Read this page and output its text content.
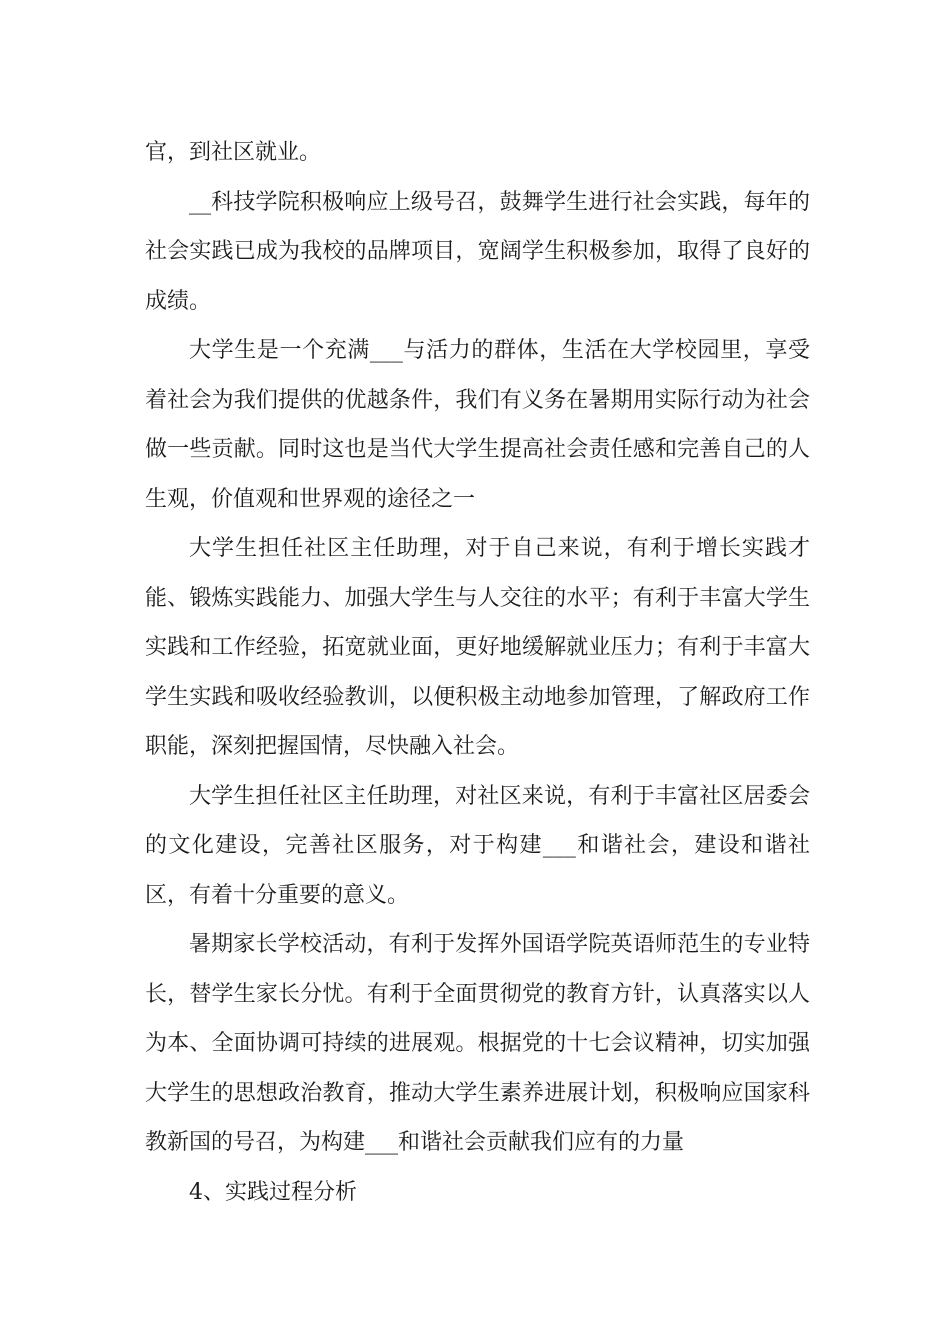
官，到社区就业。

__科技学院积极响应上级号召，鼓舞学生进行社会实践，每年的社会实践已成为我校的品牌项目，宽阔学生积极参加，取得了良好的成绩。

大学生是一个充满___与活力的群体，生活在大学校园里，享受着社会为我们提供的优越条件，我们有义务在暑期用实际行动为社会做一些贡献。同时这也是当代大学生提高社会责任感和完善自己的人生观，价值观和世界观的途径之一

大学生担任社区主任助理，对于自己来说，有利于增长实践才能、锻炼实践能力、加强大学生与人交往的水平；有利于丰富大学生实践和工作经验，拓宽就业面，更好地缓解就业压力；有利于丰富大学生实践和吸收经验教训，以便积极主动地参加管理，了解政府工作职能，深刻把握国情，尽快融入社会。

大学生担任社区主任助理，对社区来说，有利于丰富社区居委会的文化建设，完善社区服务，对于构建___和谐社会，建设和谐社区，有着十分重要的意义。

暑期家长学校活动，有利于发挥外国语学院英语师范生的专业特长，替学生家长分忧。有利于全面贯彻党的教育方针，认真落实以人为本、全面协调可持续的进展观。根据党的十七会议精神，切实加强大学生的思想政治教育，推动大学生素养进展计划，积极响应国家科教新国的号召，为构建___和谐社会贡献我们应有的力量

4、实践过程分析
